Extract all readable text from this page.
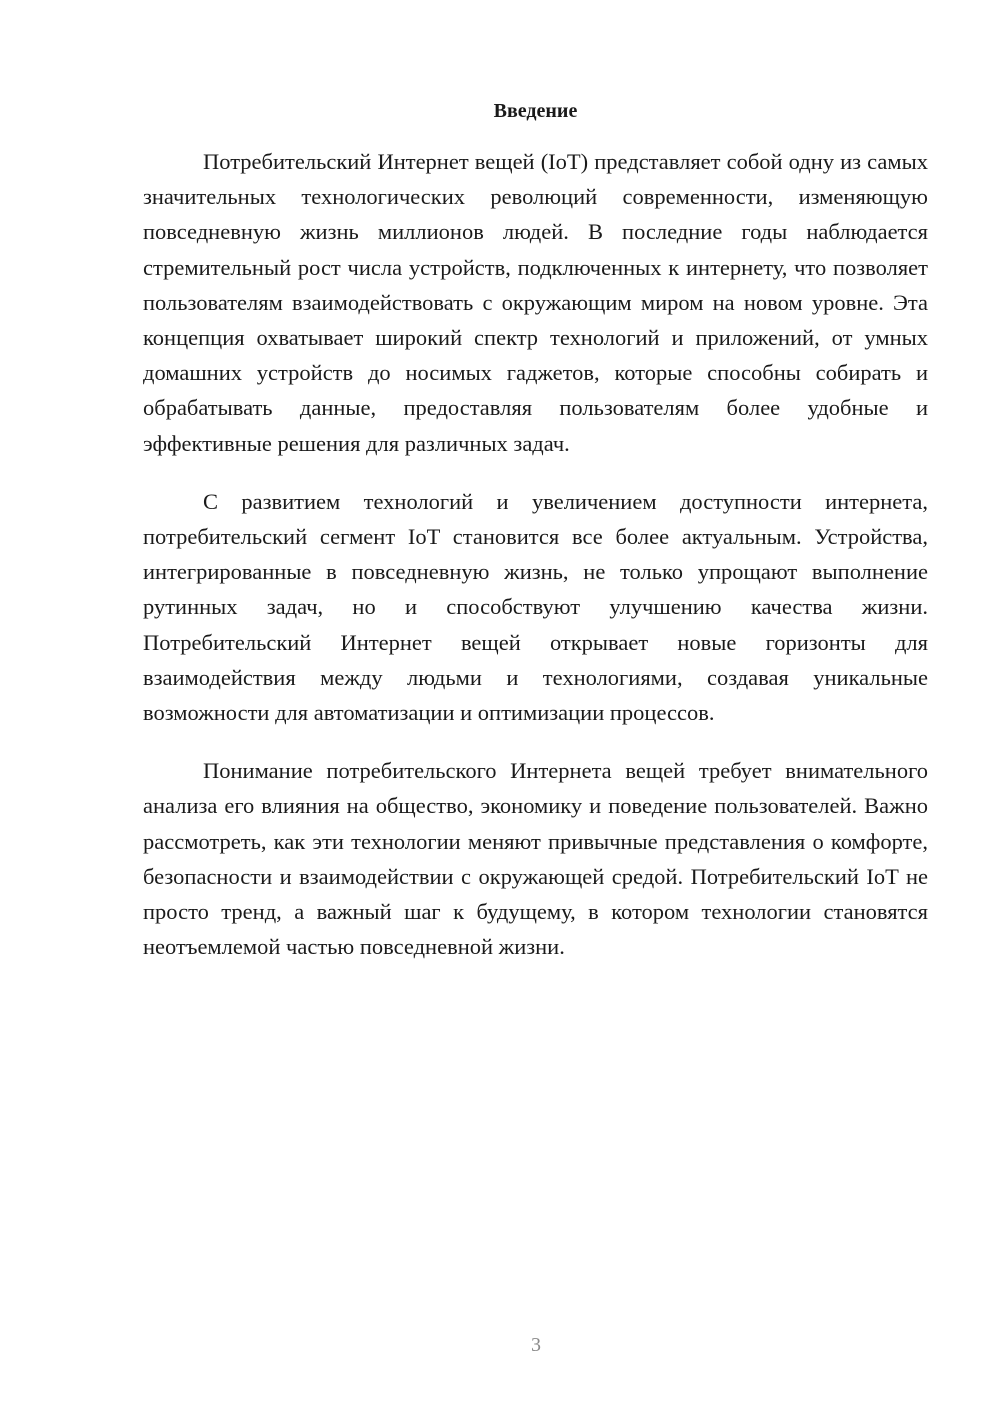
Введение

Потребительский Интернет вещей (IoT) представляет собой одну из самых значительных технологических революций современности, изменяющую повседневную жизнь миллионов людей. В последние годы наблюдается стремительный рост числа устройств, подключенных к интернету, что позволяет пользователям взаимодействовать с окружающим миром на новом уровне. Эта концепция охватывает широкий спектр технологий и приложений, от умных домашних устройств до носимых гаджетов, которые способны собирать и обрабатывать данные, предоставляя пользователям более удобные и эффективные решения для различных задач.

С развитием технологий и увеличением доступности интернета, потребительский сегмент IoT становится все более актуальным. Устройства, интегрированные в повседневную жизнь, не только упрощают выполнение рутинных задач, но и способствуют улучшению качества жизни. Потребительский Интернет вещей открывает новые горизонты для взаимодействия между людьми и технологиями, создавая уникальные возможности для автоматизации и оптимизации процессов.

Понимание потребительского Интернета вещей требует внимательного анализа его влияния на общество, экономику и поведение пользователей. Важно рассмотреть, как эти технологии меняют привычные представления о комфорте, безопасности и взаимодействии с окружающей средой. Потребительский IoT не просто тренд, а важный шаг к будущему, в котором технологии становятся неотъемлемой частью повседневной жизни.

3
